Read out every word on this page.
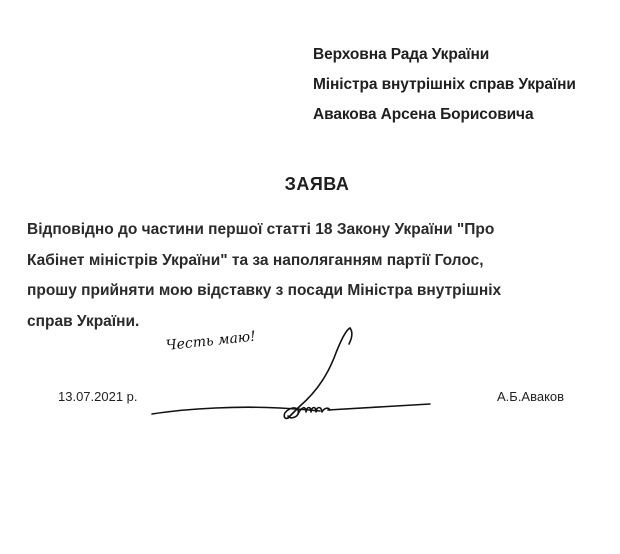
Верховна Рада України
Міністра внутрішніх справ України
Авакова Арсена Борисовича
ЗАЯВА
Відповідно до частини першої статті 18 Закону України "Про
Кабінет міністрів України" та за наполяганням партії Голос,
прошу прийняти мою відставку з посади Міністра внутрішніх
справ України.
Честь маю!
13.07.2021 р.	А.Б.Аваков
